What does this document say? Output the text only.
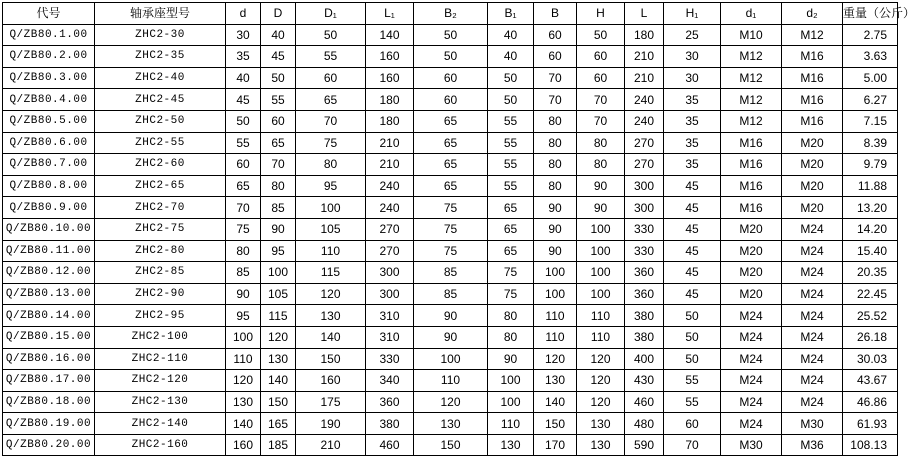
代号	轴承座型号	d	D	D₁	L₁	B₂	B₁	B	H	L	H₁	d₁	d₂	重量（公斤）
Q/ZB80.1.00	ZHC2-30	30	40	50	140	50	40	60	50	180	25	M10	M12	2.75
Q/ZB80.2.00	ZHC2-35	35	45	55	160	50	40	60	60	210	30	M12	M16	3.63
Q/ZB80.3.00	ZHC2-40	40	50	60	160	60	50	70	60	210	30	M12	M16	5.00
Q/ZB80.4.00	ZHC2-45	45	55	65	180	60	50	70	70	240	35	M12	M16	6.27
Q/ZB80.5.00	ZHC2-50	50	60	70	180	65	55	80	70	240	35	M12	M16	7.15
Q/ZB80.6.00	ZHC2-55	55	65	75	210	65	55	80	80	270	35	M16	M20	8.39
Q/ZB80.7.00	ZHC2-60	60	70	80	210	65	55	80	80	270	35	M16	M20	9.79
Q/ZB80.8.00	ZHC2-65	65	80	95	240	65	55	80	90	300	45	M16	M20	11.88
Q/ZB80.9.00	ZHC2-70	70	85	100	240	75	65	90	90	300	45	M16	M20	13.20
Q/ZB80.10.00	ZHC2-75	75	90	105	270	75	65	90	100	330	45	M20	M24	14.20
Q/ZB80.11.00	ZHC2-80	80	95	110	270	75	65	90	100	330	45	M20	M24	15.40
Q/ZB80.12.00	ZHC2-85	85	100	115	300	85	75	100	100	360	45	M20	M24	20.35
Q/ZB80.13.00	ZHC2-90	90	105	120	300	85	75	100	100	360	45	M20	M24	22.45
Q/ZB80.14.00	ZHC2-95	95	115	130	310	90	80	110	110	380	50	M24	M24	25.52
Q/ZB80.15.00	ZHC2-100	100	120	140	310	90	80	110	110	380	50	M24	M24	26.18
Q/ZB80.16.00	ZHC2-110	110	130	150	330	100	90	120	120	400	50	M24	M24	30.03
Q/ZB80.17.00	ZHC2-120	120	140	160	340	110	100	130	120	430	55	M24	M24	43.67
Q/ZB80.18.00	ZHC2-130	130	150	175	360	120	100	140	120	460	55	M24	M24	46.86
Q/ZB80.19.00	ZHC2-140	140	165	190	380	130	110	150	130	480	60	M24	M30	61.93
Q/ZB80.20.00	ZHC2-160	160	185	210	460	150	130	170	130	590	70	M30	M36	108.13
